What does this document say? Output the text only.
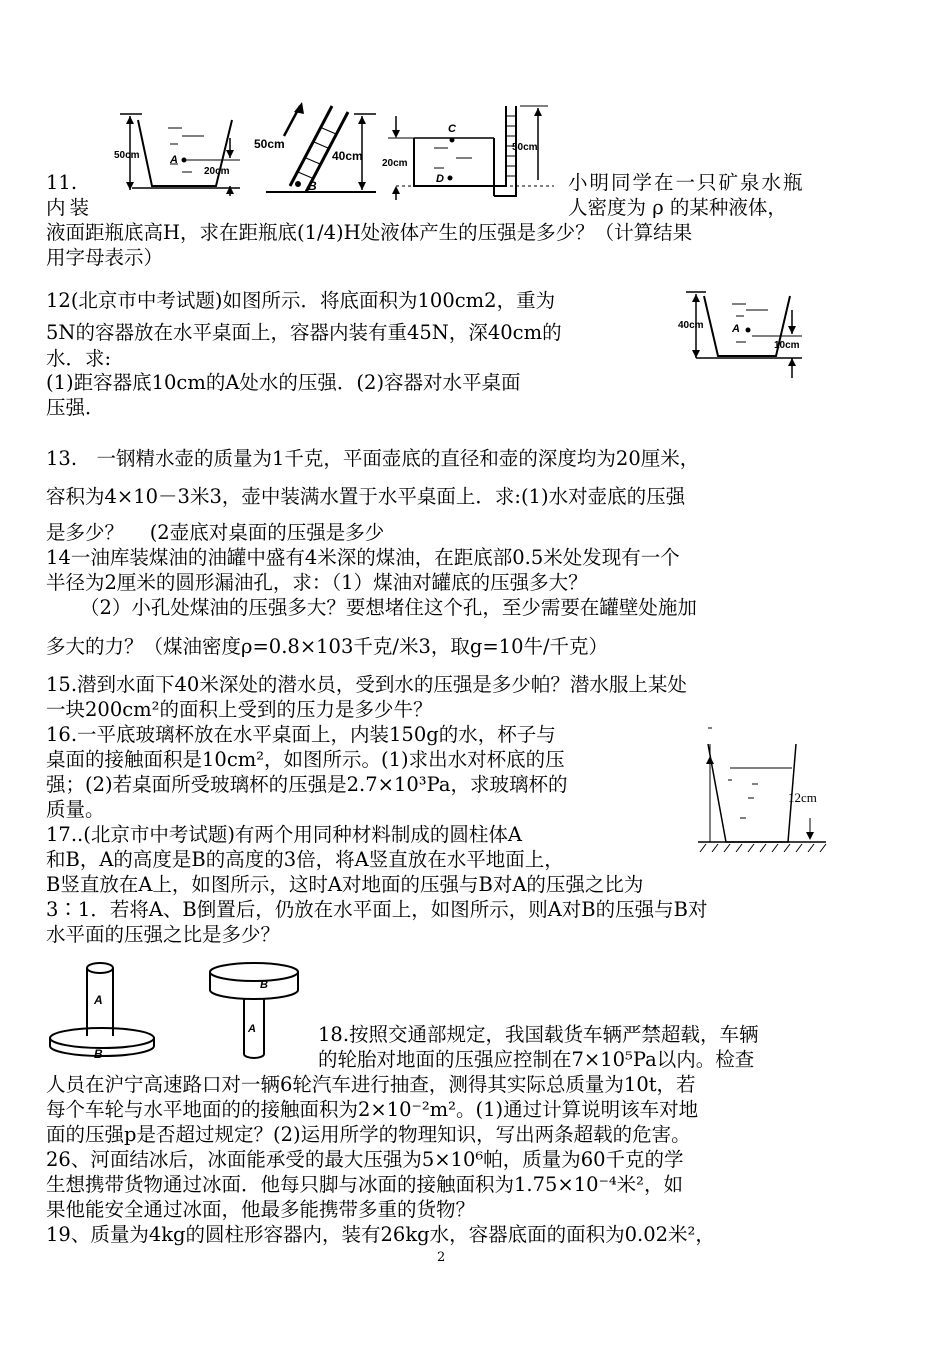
50cm	A
20cm
50cm
40cm
B
C
D
20cm
50cm
40cm	A
10cm
12cm
A
B
B
A
11.	小明同学在一只矿泉水瓶
内装	人密度为 ρ 的某种液体，
液面距瓶底高H，求在距瓶底(1/4)H处液体产生的压强是多少？（计算结果
用字母表示）
12(北京市中考试题)如图所示．将底面积为100cm2，重为
5N的容器放在水平桌面上，容器内装有重45N，深40cm的
水．求:
(1)距容器底10cm的A处水的压强．(2)容器对水平桌面
压强．
13.　一钢精水壶的质量为1千克，平面壶底的直径和壶的深度均为20厘米，
容积为4×10－3米3，壶中装满水置于水平桌面上．求:(1)水对壶底的压强
是多少？　 (2壶底对桌面的压强是多少
14一油库装煤油的油罐中盛有4米深的煤油，在距底部0.5米处发现有一个
半径为2厘米的圆形漏油孔，求：（1）煤油对罐底的压强多大？
（2）小孔处煤油的压强多大？要想堵住这个孔，至少需要在罐壁处施加
多大的力？（煤油密度ρ=0.8×103千克/米3，取g=10牛/千克）
15.潜到水面下40米深处的潜水员，受到水的压强是多少帕？潜水服上某处
一块200cm²的面积上受到的压力是多少牛？
16.一平底玻璃杯放在水平桌面上，内装150g的水，杯子与
桌面的接触面积是10cm²，如图所示。(1)求出水对杯底的压
强；(2)若桌面所受玻璃杯的压强是2.7×10³Pa，求玻璃杯的
质量。
17..(北京市中考试题)有两个用同种材料制成的圆柱体A
和B，A的高度是B的高度的3倍，将A竖直放在水平地面上，
B竖直放在A上，如图所示，这时A对地面的压强与B对A的压强之比为
3∶1．若将A、B倒置后，仍放在水平面上，如图所示，则A对B的压强与B对
水平面的压强之比是多少？
18.按照交通部规定，我国载货车辆严禁超载，车辆
的轮胎对地面的压强应控制在7×10⁵Pa以内。检查
人员在沪宁高速路口对一辆6轮汽车进行抽查，测得其实际总质量为10t，若
每个车轮与水平地面的的接触面积为2×10⁻²m²。(1)通过计算说明该车对地
面的压强p是否超过规定？(2)运用所学的物理知识，写出两条超载的危害。
26、河面结冰后，冰面能承受的最大压强为5×10⁶帕，质量为60千克的学
生想携带货物通过冰面．他每只脚与冰面的接触面积为1.75×10⁻⁴米²，如
果他能安全通过冰面，他最多能携带多重的货物？
19、质量为4kg的圆柱形容器内，装有26kg水，容器底面的面积为0.02米²，
2
